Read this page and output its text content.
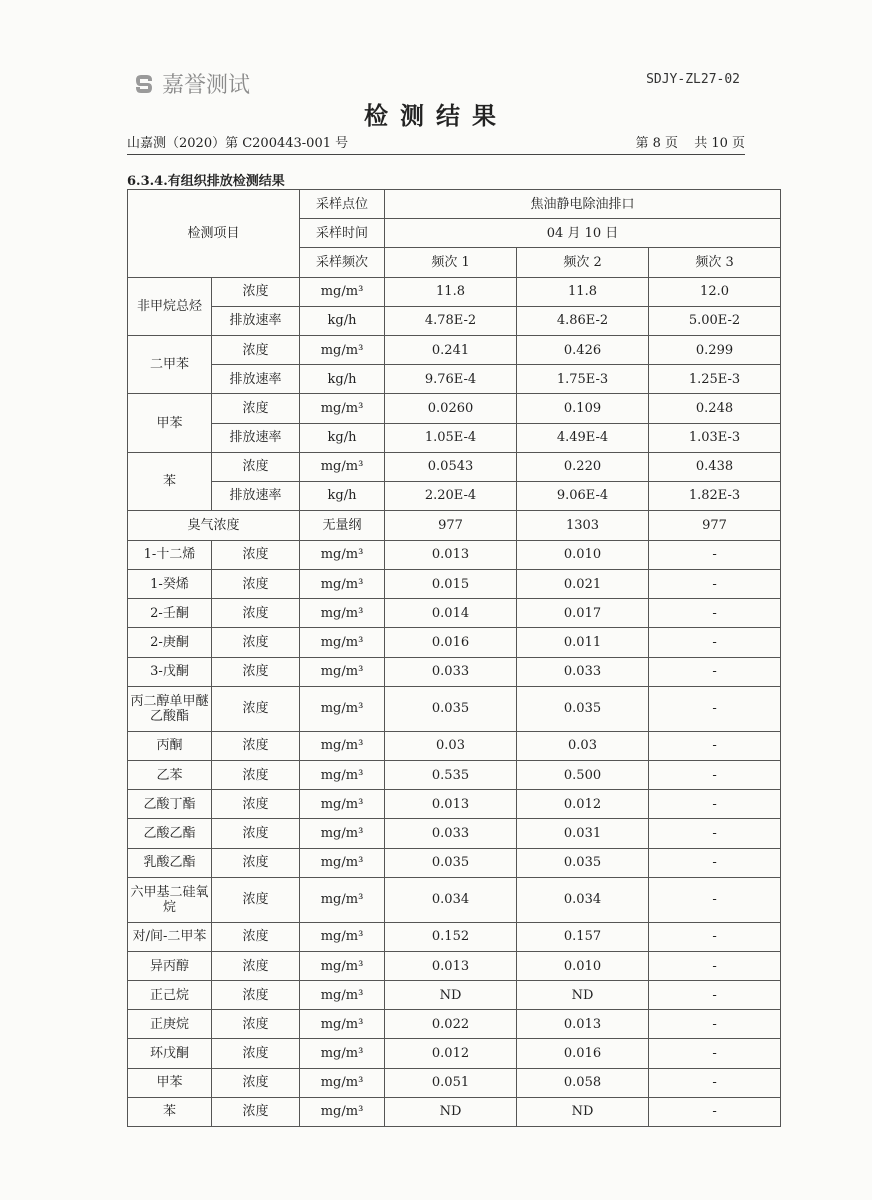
嘉誉测试	SDJY-ZL27-02
检测结果
山嘉测（2020）第 C200443-001 号	第 8 页 共 10 页
6.3.4.有组织排放检测结果
检测项目		采样点位	焦油静电除油排口		
		采样时间	04 月 10 日		
		采样频次	频次 1	频次 2	频次 3
非甲烷总烃	浓度	mg/m³	11.8	11.8	12.0
	排放速率	kg/h	4.78E-2	4.86E-2	5.00E-2
二甲苯	浓度	mg/m³	0.241	0.426	0.299
	排放速率	kg/h	9.76E-4	1.75E-3	1.25E-3
甲苯	浓度	mg/m³	0.0260	0.109	0.248
	排放速率	kg/h	1.05E-4	4.49E-4	1.03E-3
苯	浓度	mg/m³	0.0543	0.220	0.438
	排放速率	kg/h	2.20E-4	9.06E-4	1.82E-3
臭气浓度		无量纲	977	1303	977
1-十二烯	浓度	mg/m³	0.013	0.010	-
1-癸烯	浓度	mg/m³	0.015	0.021	-
2-壬酮	浓度	mg/m³	0.014	0.017	-
2-庚酮	浓度	mg/m³	0.016	0.011	-
3-戊酮	浓度	mg/m³	0.033	0.033	-
丙二醇单甲醚乙酸酯	浓度	mg/m³	0.035	0.035	-
丙酮	浓度	mg/m³	0.03	0.03	-
乙苯	浓度	mg/m³	0.535	0.500	-
乙酸丁酯	浓度	mg/m³	0.013	0.012	-
乙酸乙酯	浓度	mg/m³	0.033	0.031	-
乳酸乙酯	浓度	mg/m³	0.035	0.035	-
六甲基二硅氧烷	浓度	mg/m³	0.034	0.034	-
对/间-二甲苯	浓度	mg/m³	0.152	0.157	-
异丙醇	浓度	mg/m³	0.013	0.010	-
正己烷	浓度	mg/m³	ND	ND	-
正庚烷	浓度	mg/m³	0.022	0.013	-
环戊酮	浓度	mg/m³	0.012	0.016	-
甲苯	浓度	mg/m³	0.051	0.058	-
苯	浓度	mg/m³	ND	ND	-
